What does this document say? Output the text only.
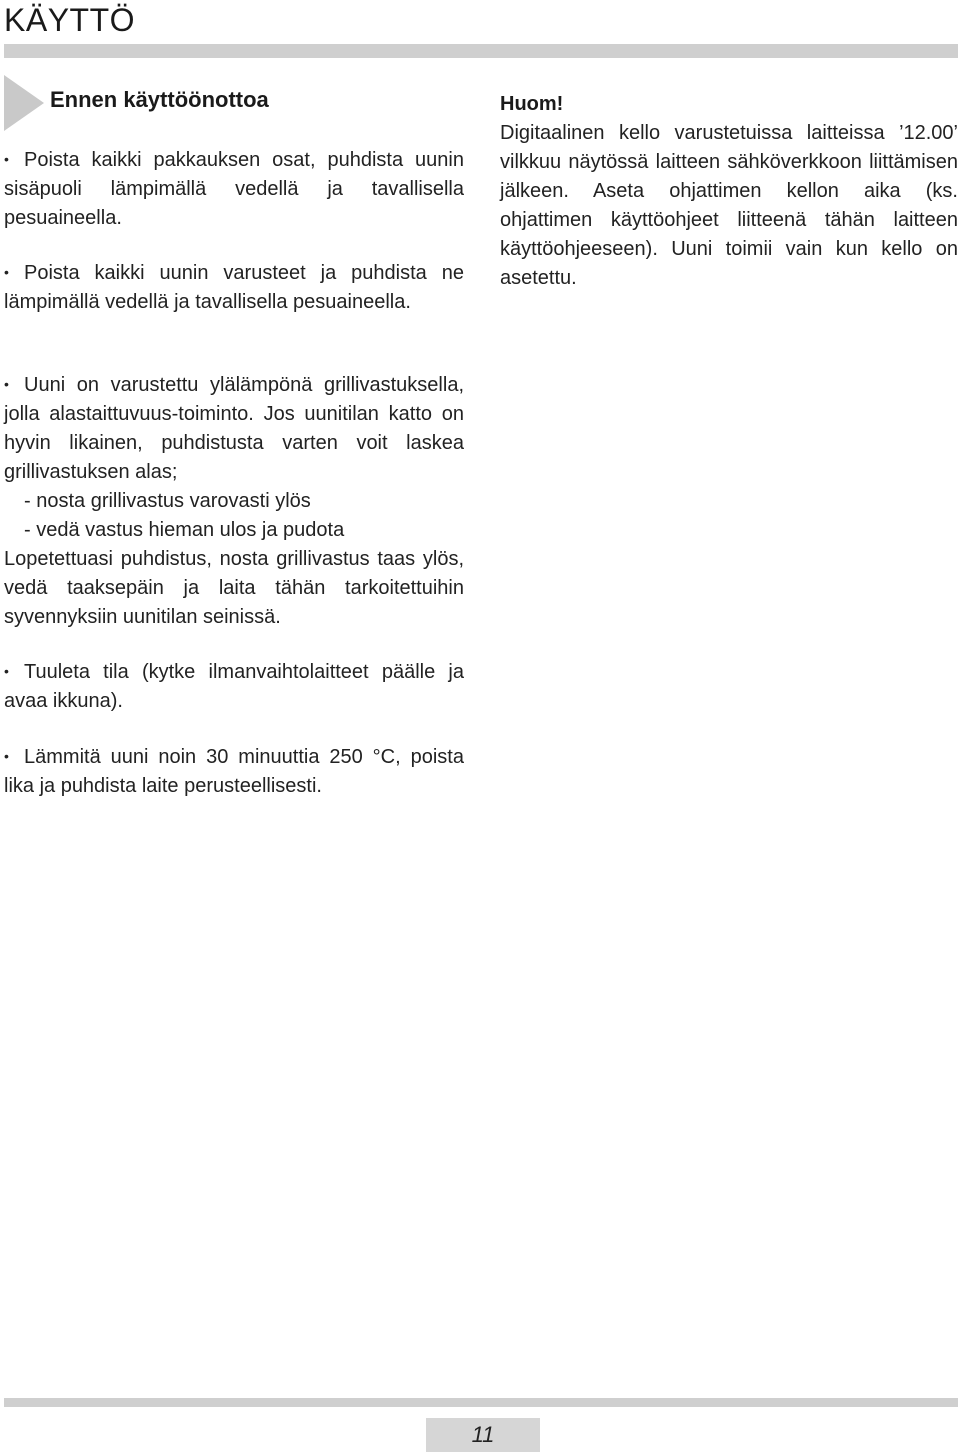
KÄYTTÖ
Ennen käyttöönottoa

• Poista kaikki pakkauksen osat, puhdista uunin sisäpuoli lämpimällä vedellä ja tavallisella pesuaineella.

• Poista kaikki uunin varusteet ja puhdista ne lämpimällä vedellä ja tavallisella pesuaineella.

• Uuni on varustettu ylälämpönä grillivastuksella, jolla alastaittuvuus-toiminto. Jos uunitilan katto on hyvin likainen, puhdistusta varten voit laskea grillivastuksen alas;

- nosta grillivastus varovasti ylös

- vedä vastus hieman ulos ja pudota

Lopetettuasi puhdistus, nosta grillivastus taas ylös, vedä taaksepäin ja laita tähän tarkoitettuihin syvennyksiin uunitilan seinissä.

• Tuuleta tila (kytke ilmanvaihtolaitteet päälle ja avaa ikkuna).

• Lämmitä uuni noin 30 minuuttia 250 °C, poista lika ja puhdista laite perusteellisesti.

Huom!

Digitaalinen kello varustetuissa laitteissa ’12.00’ vilkkuu näytössä laitteen sähköverkkoon liittämisen jälkeen. Aseta ohjattimen kellon aika (ks. ohjattimen käyttöohjeet liitteenä tähän laitteen käyttöohjeeseen). Uuni toimii vain kun kello on asetettu.

11
